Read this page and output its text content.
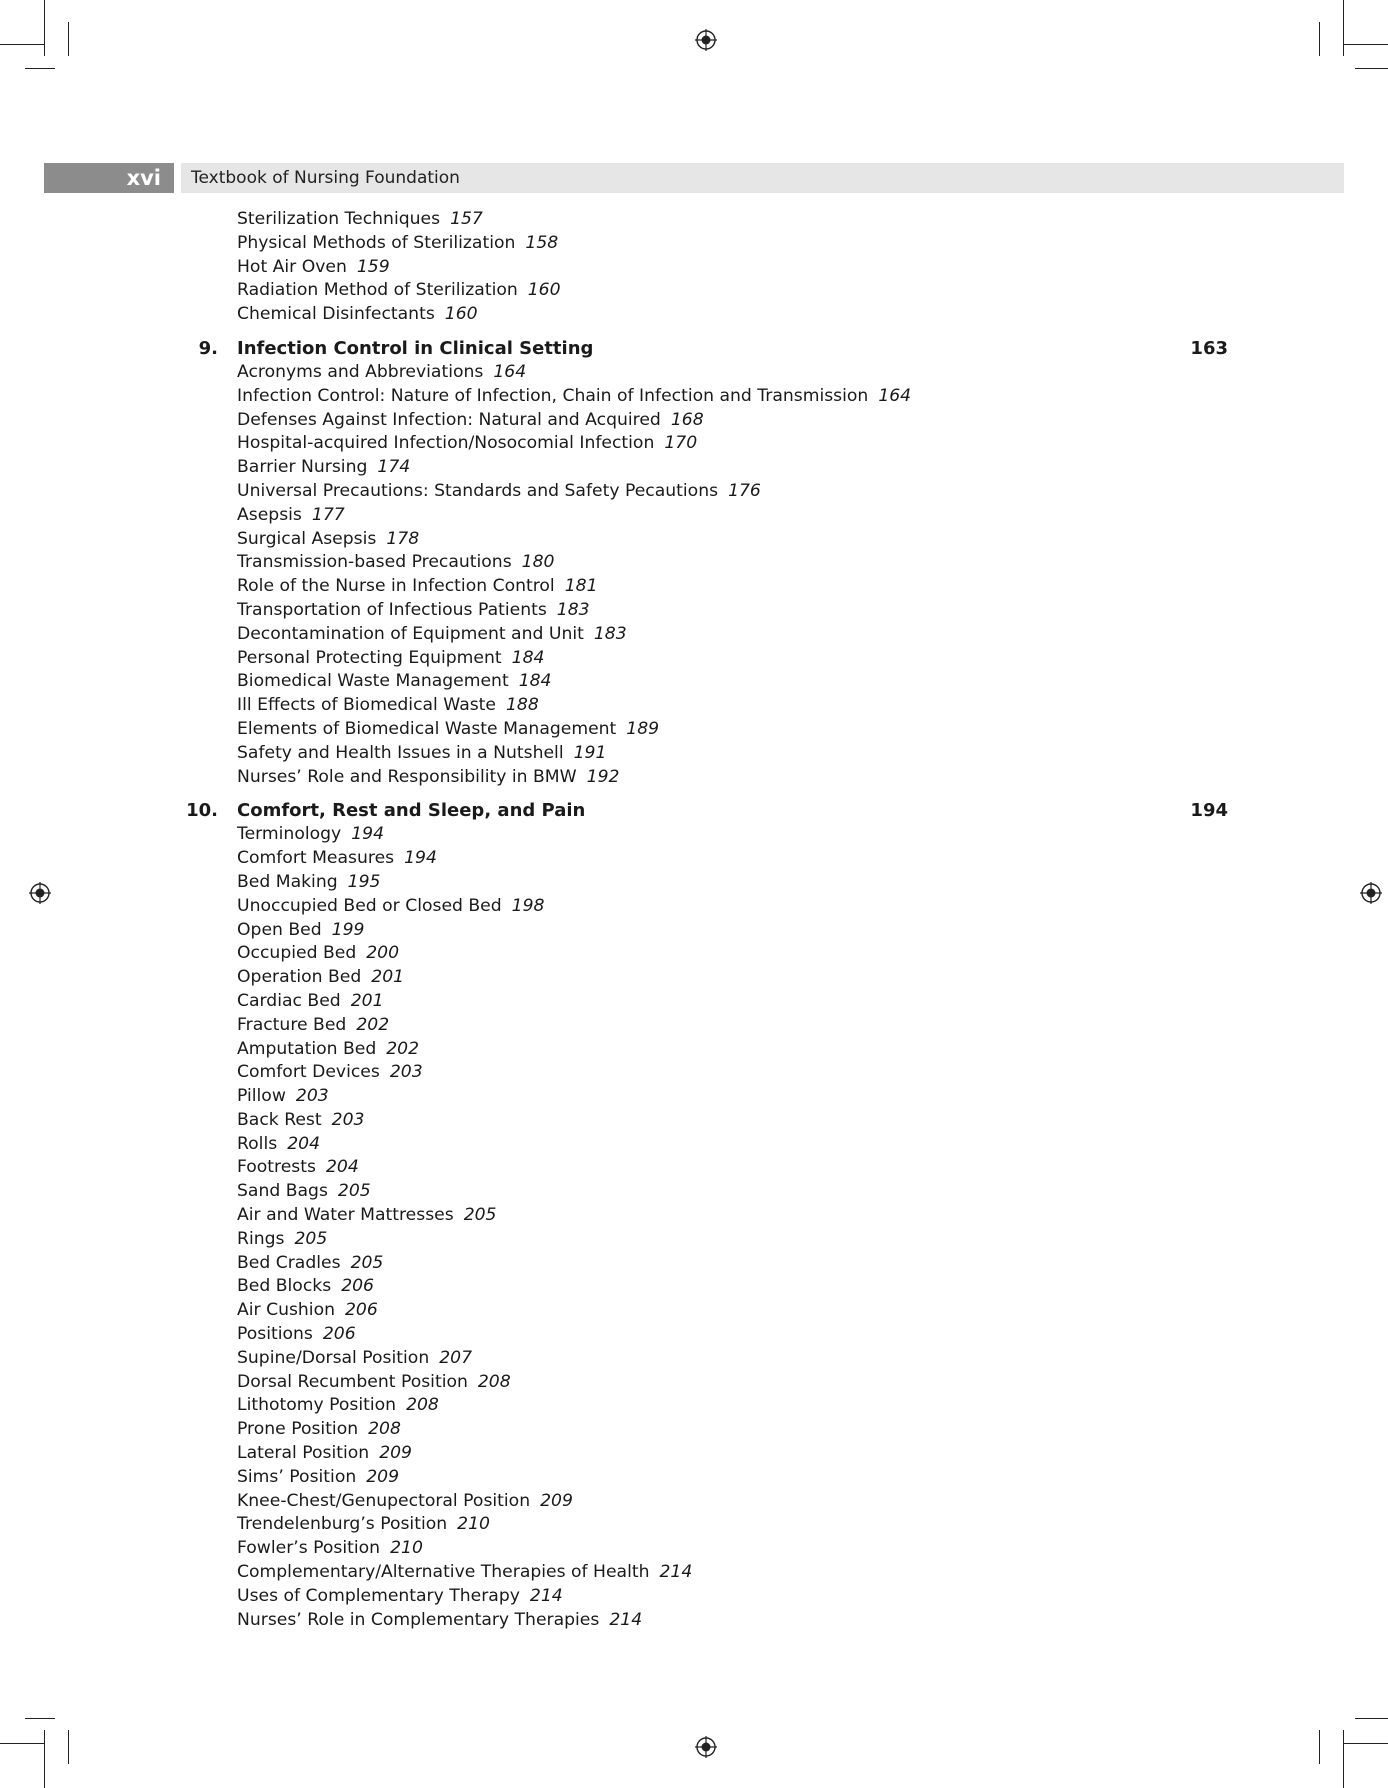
xvi	Textbook of Nursing Foundation
Sterilization Techniques 157
Physical Methods of Sterilization 158
Hot Air Oven 159
Radiation Method of Sterilization 160
Chemical Disinfectants 160
9. Infection Control in Clinical Setting	163
Acronyms and Abbreviations 164
Infection Control: Nature of Infection, Chain of Infection and Transmission 164
Defenses Against Infection: Natural and Acquired 168
Hospital-acquired Infection/Nosocomial Infection 170
Barrier Nursing 174
Universal Precautions: Standards and Safety Pecautions 176
Asepsis 177
Surgical Asepsis 178
Transmission-based Precautions 180
Role of the Nurse in Infection Control 181
Transportation of Infectious Patients 183
Decontamination of Equipment and Unit 183
Personal Protecting Equipment 184
Biomedical Waste Management 184
Ill Effects of Biomedical Waste 188
Elements of Biomedical Waste Management 189
Safety and Health Issues in a Nutshell 191
Nurses’ Role and Responsibility in BMW 192
10. Comfort, Rest and Sleep, and Pain	194
Terminology 194
Comfort Measures 194
Bed Making 195
Unoccupied Bed or Closed Bed 198
Open Bed 199
Occupied Bed 200
Operation Bed 201
Cardiac Bed 201
Fracture Bed 202
Amputation Bed 202
Comfort Devices 203
Pillow 203
Back Rest 203
Rolls 204
Footrests 204
Sand Bags 205
Air and Water Mattresses 205
Rings 205
Bed Cradles 205
Bed Blocks 206
Air Cushion 206
Positions 206
Supine/Dorsal Position 207
Dorsal Recumbent Position 208
Lithotomy Position 208
Prone Position 208
Lateral Position 209
Sims’ Position 209
Knee-Chest/Genupectoral Position 209
Trendelenburg’s Position 210
Fowler’s Position 210
Complementary/Alternative Therapies of Health 214
Uses of Complementary Therapy 214
Nurses’ Role in Complementary Therapies 214
